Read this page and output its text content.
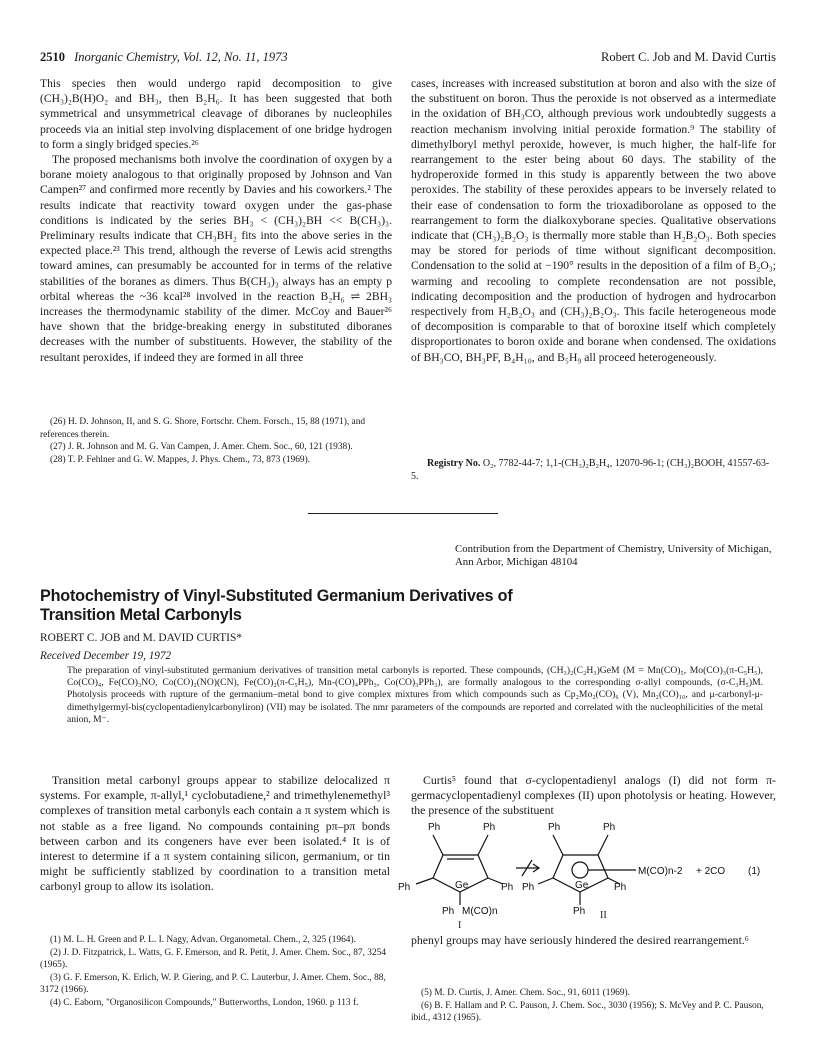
2510 Inorganic Chemistry, Vol. 12, No. 11, 1973	Robert C. Job and M. David Curtis

This species then would undergo rapid decomposition to give (CH₃)₂B(H)O₂ and BH₃, then B₂H₆. It has been suggested that both symmetrical and unsymmetrical cleavage of diboranes by nucleophiles proceeds via an initial step involving displacement of one bridge hydrogen to form a singly bridged species.²⁶

The proposed mechanisms both involve the coordination of oxygen by a borane moiety analogous to that originally proposed by Johnson and Van Campen²⁷ and confirmed more recently by Davies and his coworkers.² The results indicate that reactivity toward oxygen under the gas-phase conditions is indicated by the series BH₃ < (CH₃)₂BH << B(CH₃)₃. Preliminary results indicate that CH₃BH₂ fits into the above series in the expected place.²³ This trend, although the reverse of Lewis acid strengths toward amines, can presumably be accounted for in terms of the relative stabilities of the boranes as dimers. Thus B(CH₃)₃ always has an empty p orbital whereas the ~36 kcal²⁸ involved in the reaction B₂H₆ ⇌ 2BH₃ increases the thermodynamic stability of the dimer. McCoy and Bauer²⁶ have shown that the bridge-breaking energy in substituted diboranes decreases with the number of substituents. However, the stability of the resultant peroxides, if indeed they are formed in all three

(26) H. D. Johnson, II, and S. G. Shore, Fortschr. Chem. Forsch., 15, 88 (1971), and references therein.

(27) J. R. Johnson and M. G. Van Campen, J. Amer. Chem. Soc., 60, 121 (1938).

(28) T. P. Fehlner and G. W. Mappes, J. Phys. Chem., 73, 873 (1969).

cases, increases with increased substitution at boron and also with the size of the substituent on boron. Thus the peroxide is not observed as a intermediate in the oxidation of BH₃CO, although previous work undoubtedly suggests a reaction mechanism involving initial peroxide formation.⁹ The stability of dimethylboryl methyl peroxide, however, is much higher, the half-life for rearrangement to the ester being about 60 days. The stability of the hydroperoxide formed in this study is apparently between the two above peroxides. The stability of these peroxides appears to be inversely related to their ease of condensation to form the trioxadiborolane as opposed to the rearrangement to form the dialkoxyborane species. Qualitative observations indicate that (CH₃)₂B₂O₃ is thermally more stable than H₂B₂O₃. Both species may be stored for periods of time without significant decomposition. Condensation to the solid at −190° results in the deposition of a film of B₂O₃; warming and recooling to complete recondensation are not possible, indicating decomposition and the production of hydrogen and hydrocarbon respectively from H₂B₂O₃ and (CH₃)₂B₂O₃. This facile heterogeneous mode of decomposition is comparable to that of boroxine itself which completely disproportionates to boron oxide and borane when condensed. The oxidations of BH₃CO, BH₃PF, B₄H₁₀, and B₅H₉ all proceed heterogeneously.

Registry No. O₂, 7782-44-7; 1,1-(CH₃)₂B₂H₄, 12070-96-1; (CH₃)₂BOOH, 41557-63-5.

Contribution from the Department of Chemistry, University of Michigan, Ann Arbor, Michigan 48104
Photochemistry of Vinyl-Substituted Germanium Derivatives of Transition Metal Carbonyls
ROBERT C. JOB and M. DAVID CURTIS*
Received December 19, 1972
The preparation of vinyl-substituted germanium derivatives of transition metal carbonyls is reported. These compounds, (CH₃)₂(C₂H₃)GeM (M = Mn(CO)₅, Mo(CO)₃(π-C₅H₅), Co(CO)₄, Fe(CO)₃NO, Co(CO)₂(NO)(CN), Fe(CO)₂(π-C₅H₅), Mn-(CO)₄PPh₃, Co(CO)₃PPh₃), are formally analogous to the corresponding σ-allyl compounds, (σ-C₃H₅)M. Photolysis proceeds with rupture of the germanium–metal bond to give complex mixtures from which compounds such as Cp₂Mo₂(CO)₆ (V), Mn₂(CO)₁₀, and μ-carbonyl-μ-dimethylgermyl-bis(cyclopentadienylcarbonyliron) (VII) may be isolated. The nmr parameters of the compounds are reported and correlated with the nucleophilicities of the metal anion, M⁻.

Transition metal carbonyl groups appear to stabilize delocalized π systems. For example, π-allyl,¹ cyclobutadiene,² and trimethylenemethyl³ complexes of transition metal carbonyls each contain a π system which is not stable as a free ligand. No compounds containing pπ–pπ bonds between carbon and its congeners have ever been isolated.⁴ It is of interest to determine if a π system containing silicon, germanium, or tin might be sufficiently stablized by coordination to a transition metal carbonyl group to allow its isolation.

(1) M. L. H. Green and P. L. I. Nagy, Advan. Organometal. Chem., 2, 325 (1964).

(2) J. D. Fitzpatrick, L. Watts, G. F. Emerson, and R. Petit, J. Amer. Chem. Soc., 87, 3254 (1965).

(3) G. F. Emerson, K. Erlich, W. P. Giering, and P. C. Lauterbur, J. Amer. Chem. Soc., 88, 3172 (1966).

(4) C. Eaborn, "Organosilicon Compounds," Butterworths, London, 1960. p 113 f.

Curtis⁵ found that σ-cyclopentadienyl analogs (I) did not form π-germacyclopentadienyl complexes (II) upon photolysis or heating. However, the presence of the substituent

Ph	Ph
Ph	Ph
Ge
Ph M(CO)n
Ph	Ph
Ph	Ph
Ge
Ph
M(CO)n-2 + 2CO (1)
I
II

phenyl groups may have seriously hindered the desired rearrangement.⁶

(5) M. D. Curtis, J. Amer. Chem. Soc., 91, 6011 (1969).

(6) B. F. Hallam and P. C. Pauson, J. Chem. Soc., 3030 (1956); S. McVey and P. C. Pauson, ibid., 4312 (1965).
